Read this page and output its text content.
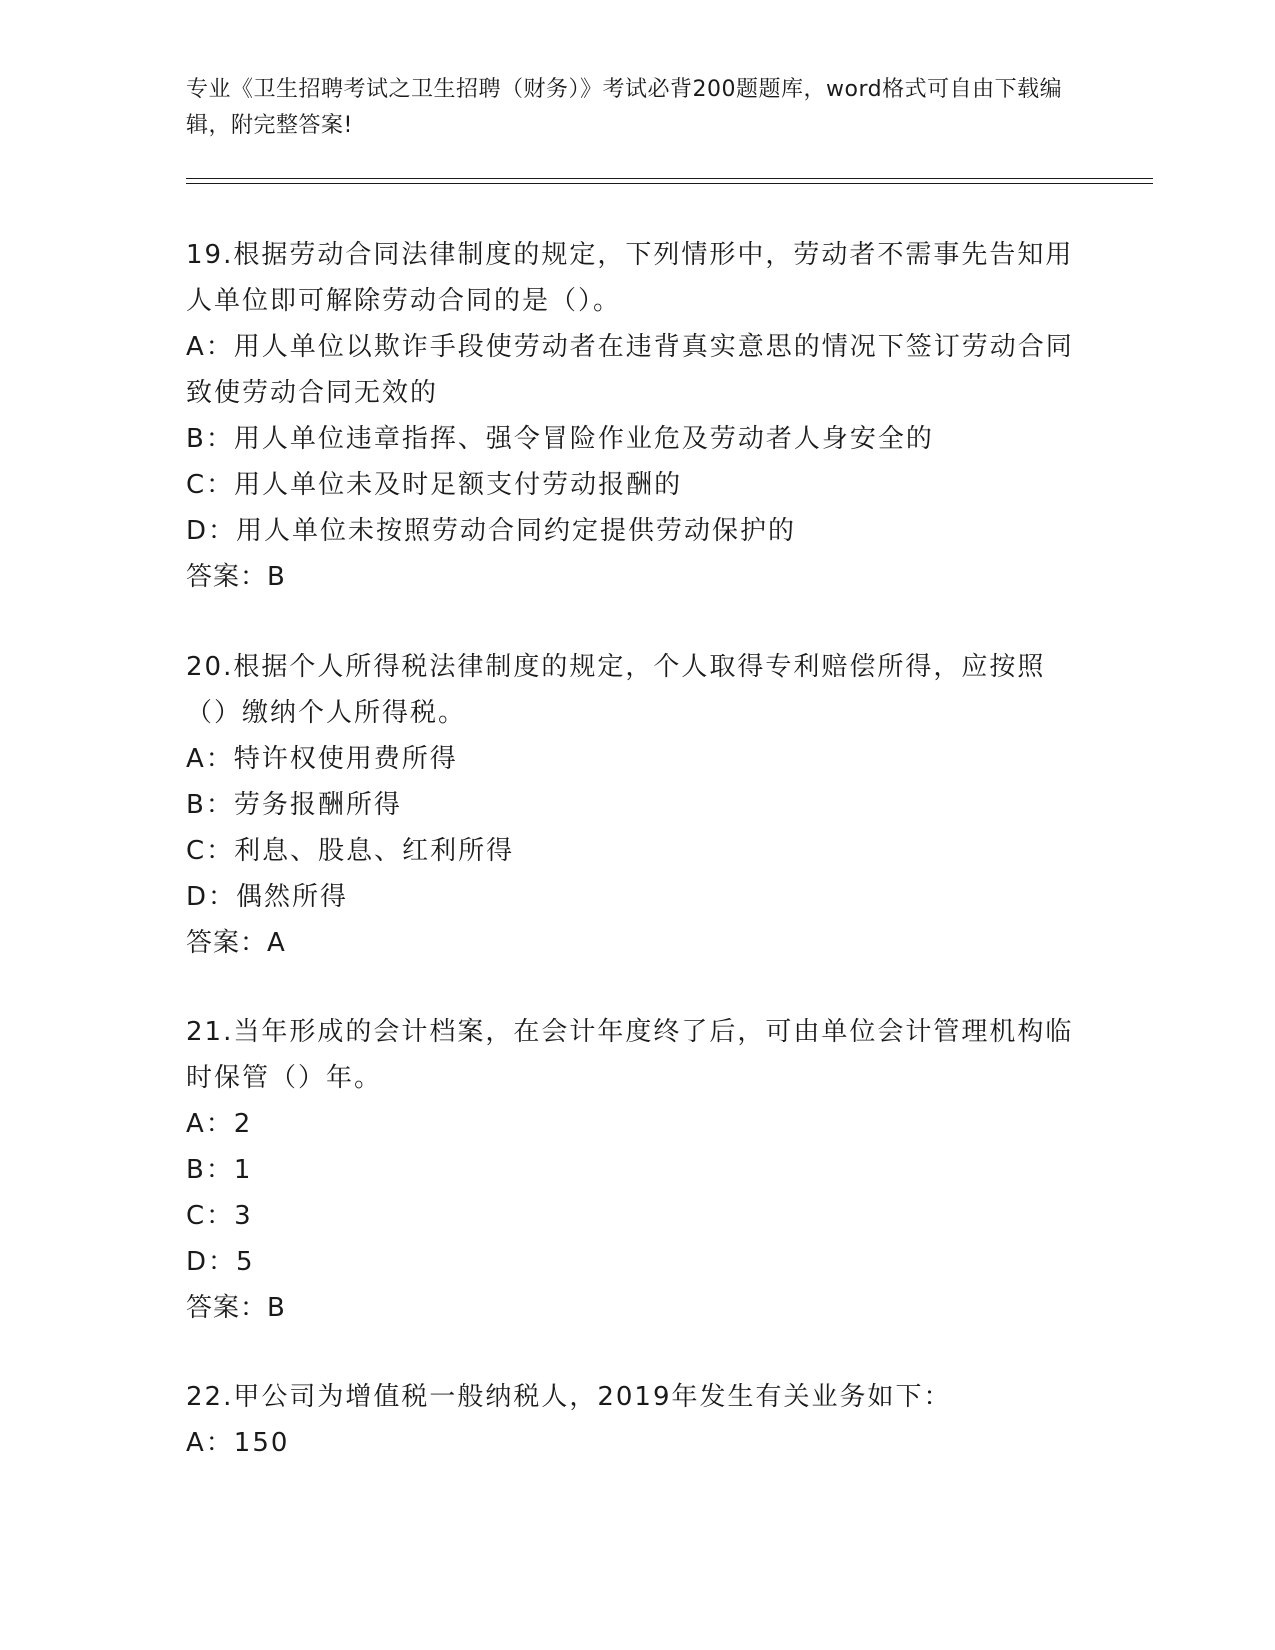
专业《卫生招聘考试之卫生招聘（财务）》考试必背200题题库，word格式可自由下载编辑，附完整答案!

19.根据劳动合同法律制度的规定，下列情形中，劳动者不需事先告知用人单位即可解除劳动合同的是（）。

A：用人单位以欺诈手段使劳动者在违背真实意思的情况下签订劳动合同致使劳动合同无效的

B：用人单位违章指挥、强令冒险作业危及劳动者人身安全的

C：用人单位未及时足额支付劳动报酬的

D：用人单位未按照劳动合同约定提供劳动保护的

答案：B

20.根据个人所得税法律制度的规定，个人取得专利赔偿所得，应按照（）缴纳个人所得税。

A：特许权使用费所得

B：劳务报酬所得

C：利息、股息、红利所得

D：偶然所得

答案：A

21.当年形成的会计档案，在会计年度终了后，可由单位会计管理机构临时保管（）年。

A：2

B：1

C：3

D：5

答案：B

22.甲公司为增值税一般纳税人，2019年发生有关业务如下：

A：150
